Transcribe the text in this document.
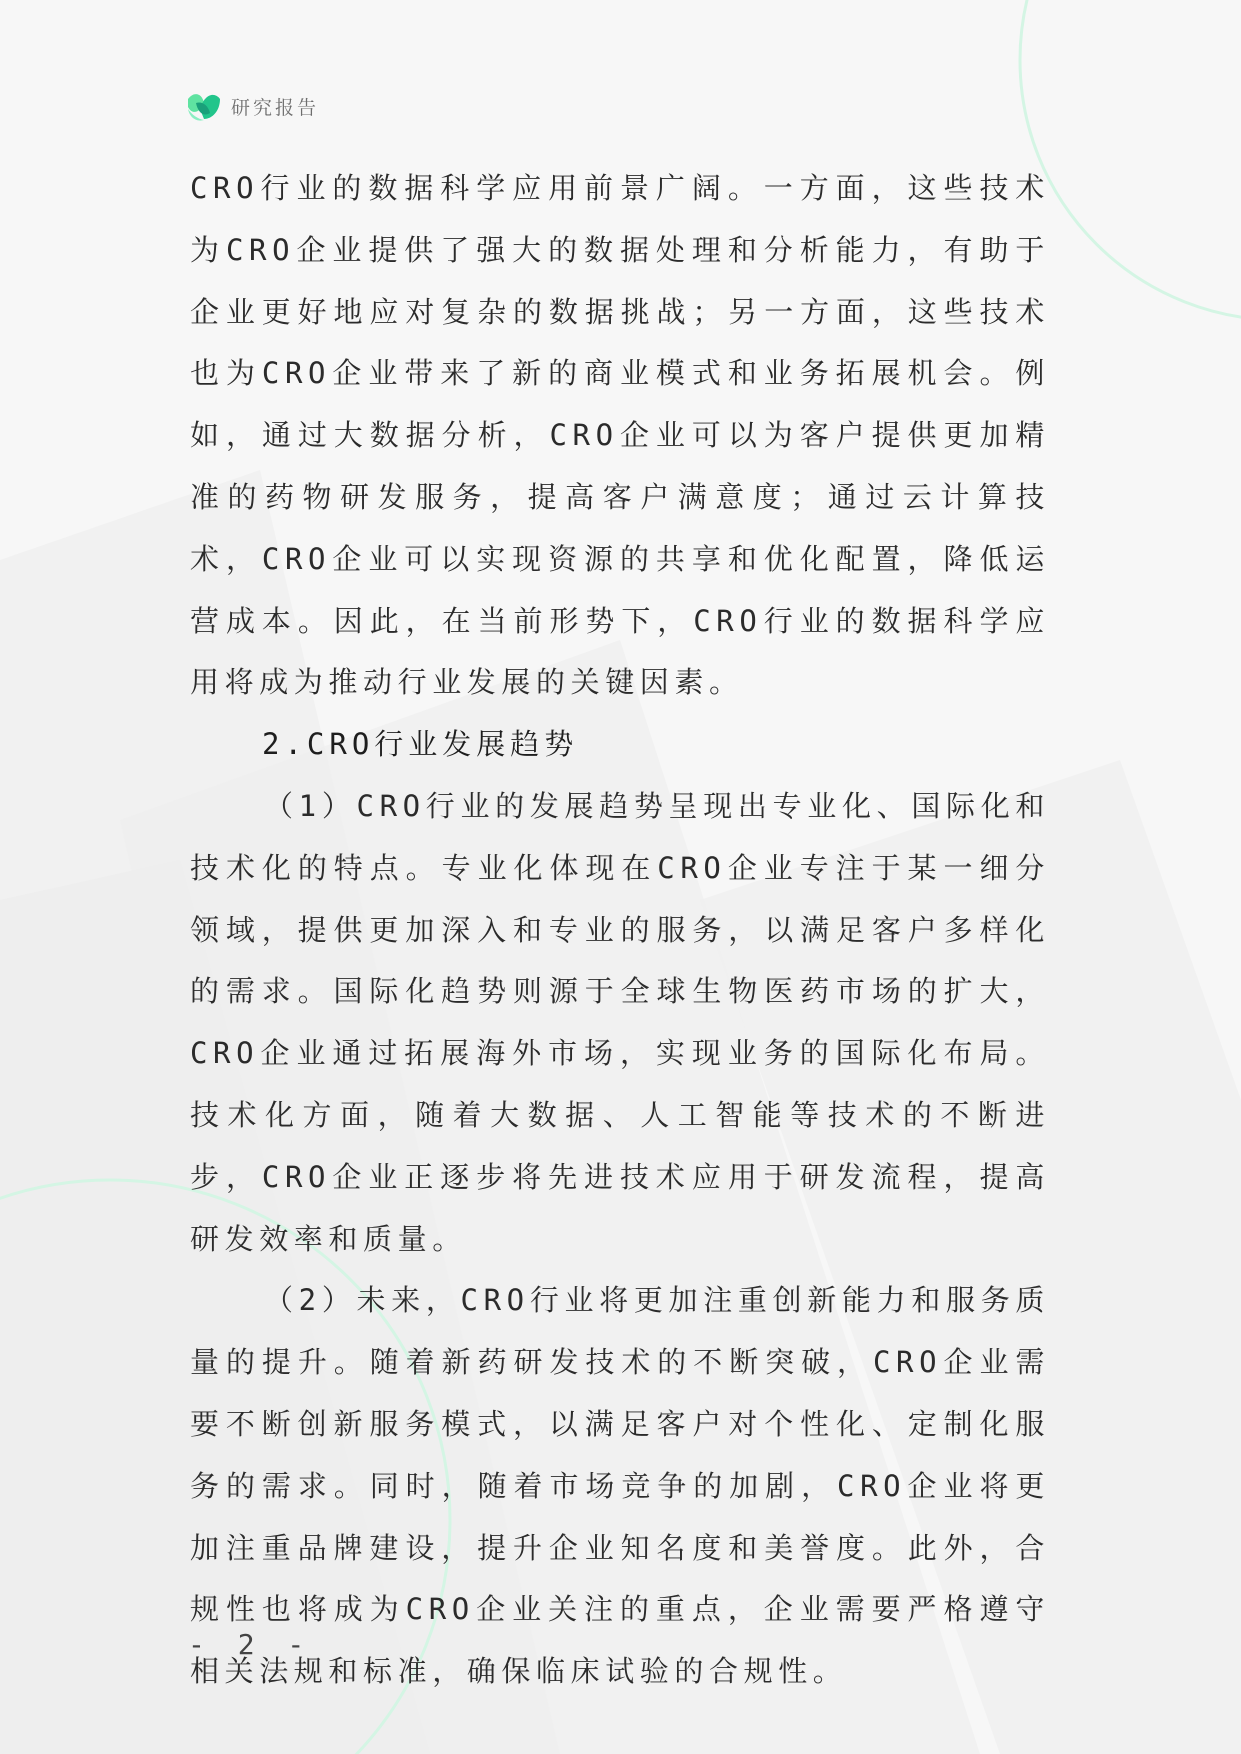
研究报告

CRO行业的数据科学应用前景广阔。一方面，这些技术为CRO企业提供了强大的数据处理和分析能力，有助于企业更好地应对复杂的数据挑战；另一方面，这些技术也为CRO企业带来了新的商业模式和业务拓展机会。例如，通过大数据分析，CRO企业可以为客户提供更加精准的药物研发服务，提高客户满意度；通过云计算技术，CRO企业可以实现资源的共享和优化配置，降低运营成本。因此，在当前形势下，CRO行业的数据科学应用将成为推动行业发展的关键因素。

2.CRO行业发展趋势

（1）CRO行业的发展趋势呈现出专业化、国际化和技术化的特点。专业化体现在CRO企业专注于某一细分领域，提供更加深入和专业的服务，以满足客户多样化的需求。国际化趋势则源于全球生物医药市场的扩大，CRO企业通过拓展海外市场，实现业务的国际化布局。技术化方面，随着大数据、人工智能等技术的不断进步，CRO企业正逐步将先进技术应用于研发流程，提高研发效率和质量。

（2）未来，CRO行业将更加注重创新能力和服务质量的提升。随着新药研发技术的不断突破，CRO企业需要不断创新服务模式，以满足客户对个性化、定制化服务的需求。同时，随着市场竞争的加剧，CRO企业将更加注重品牌建设，提升企业知名度和美誉度。此外，合规性也将成为CRO企业关注的重点，企业需要严格遵守相关法规和标准，确保临床试验的合规性。

- 2 -
